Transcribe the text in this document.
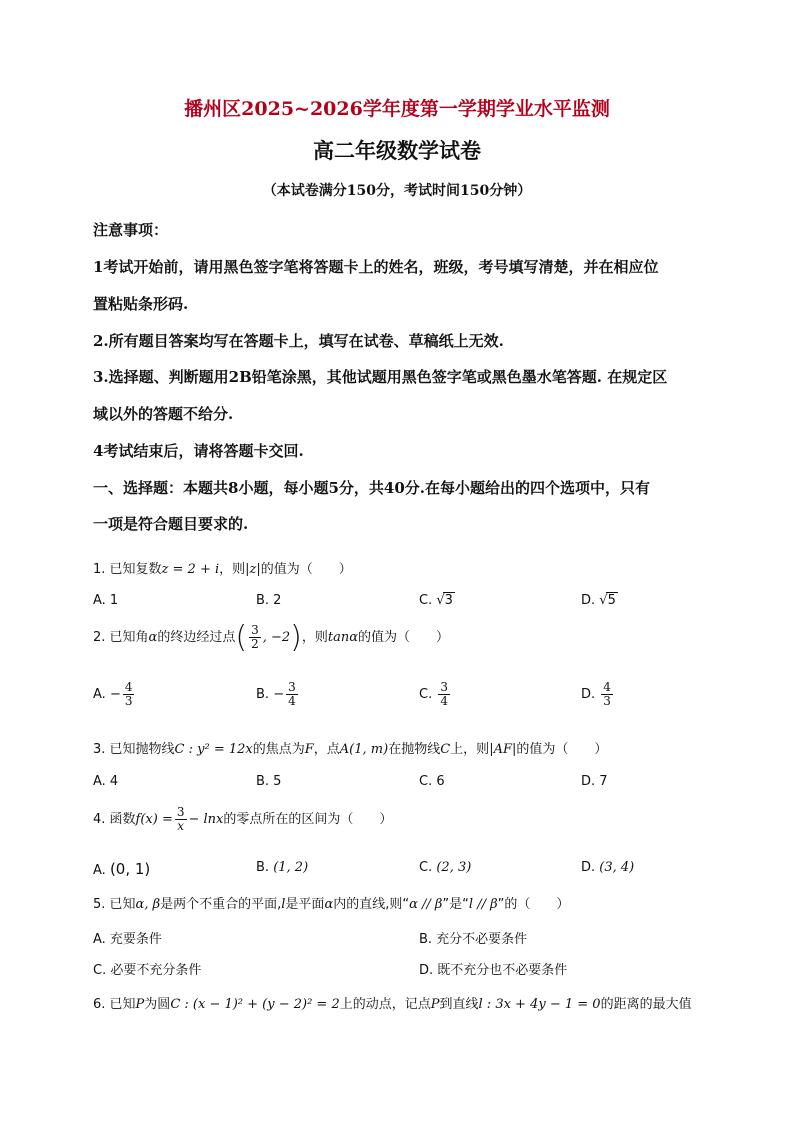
播州区2025~2026学年度第一学期学业水平监测
高二年级数学试卷
（本试卷满分150分，考试时间150分钟）
注意事项：
1考试开始前，请用黑色签字笔将答题卡上的姓名，班级，考号填写清楚，并在相应位
置粘贴条形码.
2.所有题目答案均写在答题卡上，填写在试卷、草稿纸上无效.
3.选择题、判断题用2B铅笔涂黑，其他试题用黑色签字笔或黑色墨水笔答题. 在规定区
域以外的答题不给分.
4考试结束后，请将答题卡交回.
一、选择题：本题共8小题，每小题5分，共40分.在每小题给出的四个选项中，只有
一项是符合题目要求的.
1. 已知复数z = 2 + i，则|z|的值为（　　）
A. 1	B. 2	C. √3	D. √5
2. 已知角α的终边经过点( $\frac{3}{2}$ , −2)，则tanα的值为（　　）
A. − $\frac{4}{3}$	B. − $\frac{3}{4}$	C. $\frac{3}{4}$	D. $\frac{4}{3}$
3. 已知抛物线C : y² = 12x的焦点为F，点A(1, m)在抛物线C上，则|AF|的值为（　　）
A. 4	B. 5	C. 6	D. 7
4. 函数$f(x) = \frac{3}{x} - \ln x$的零点所在的区间为（　　）
A. (0, 1)	B. (1, 2)	C. (2, 3)	D. (3, 4)
5. 已知α, β是两个不重合的平面,l是平面α内的直线,则“α // β”是“l // β”的（　　）
A. 充要条件	B. 充分不必要条件
C. 必要不充分条件	D. 既不充分也不必要条件
6. 已知P为圆C : (x − 1)² + (y − 2)² = 2上的动点，记点P到直线l : 3x + 4y − 1 = 0的距离的最大值
